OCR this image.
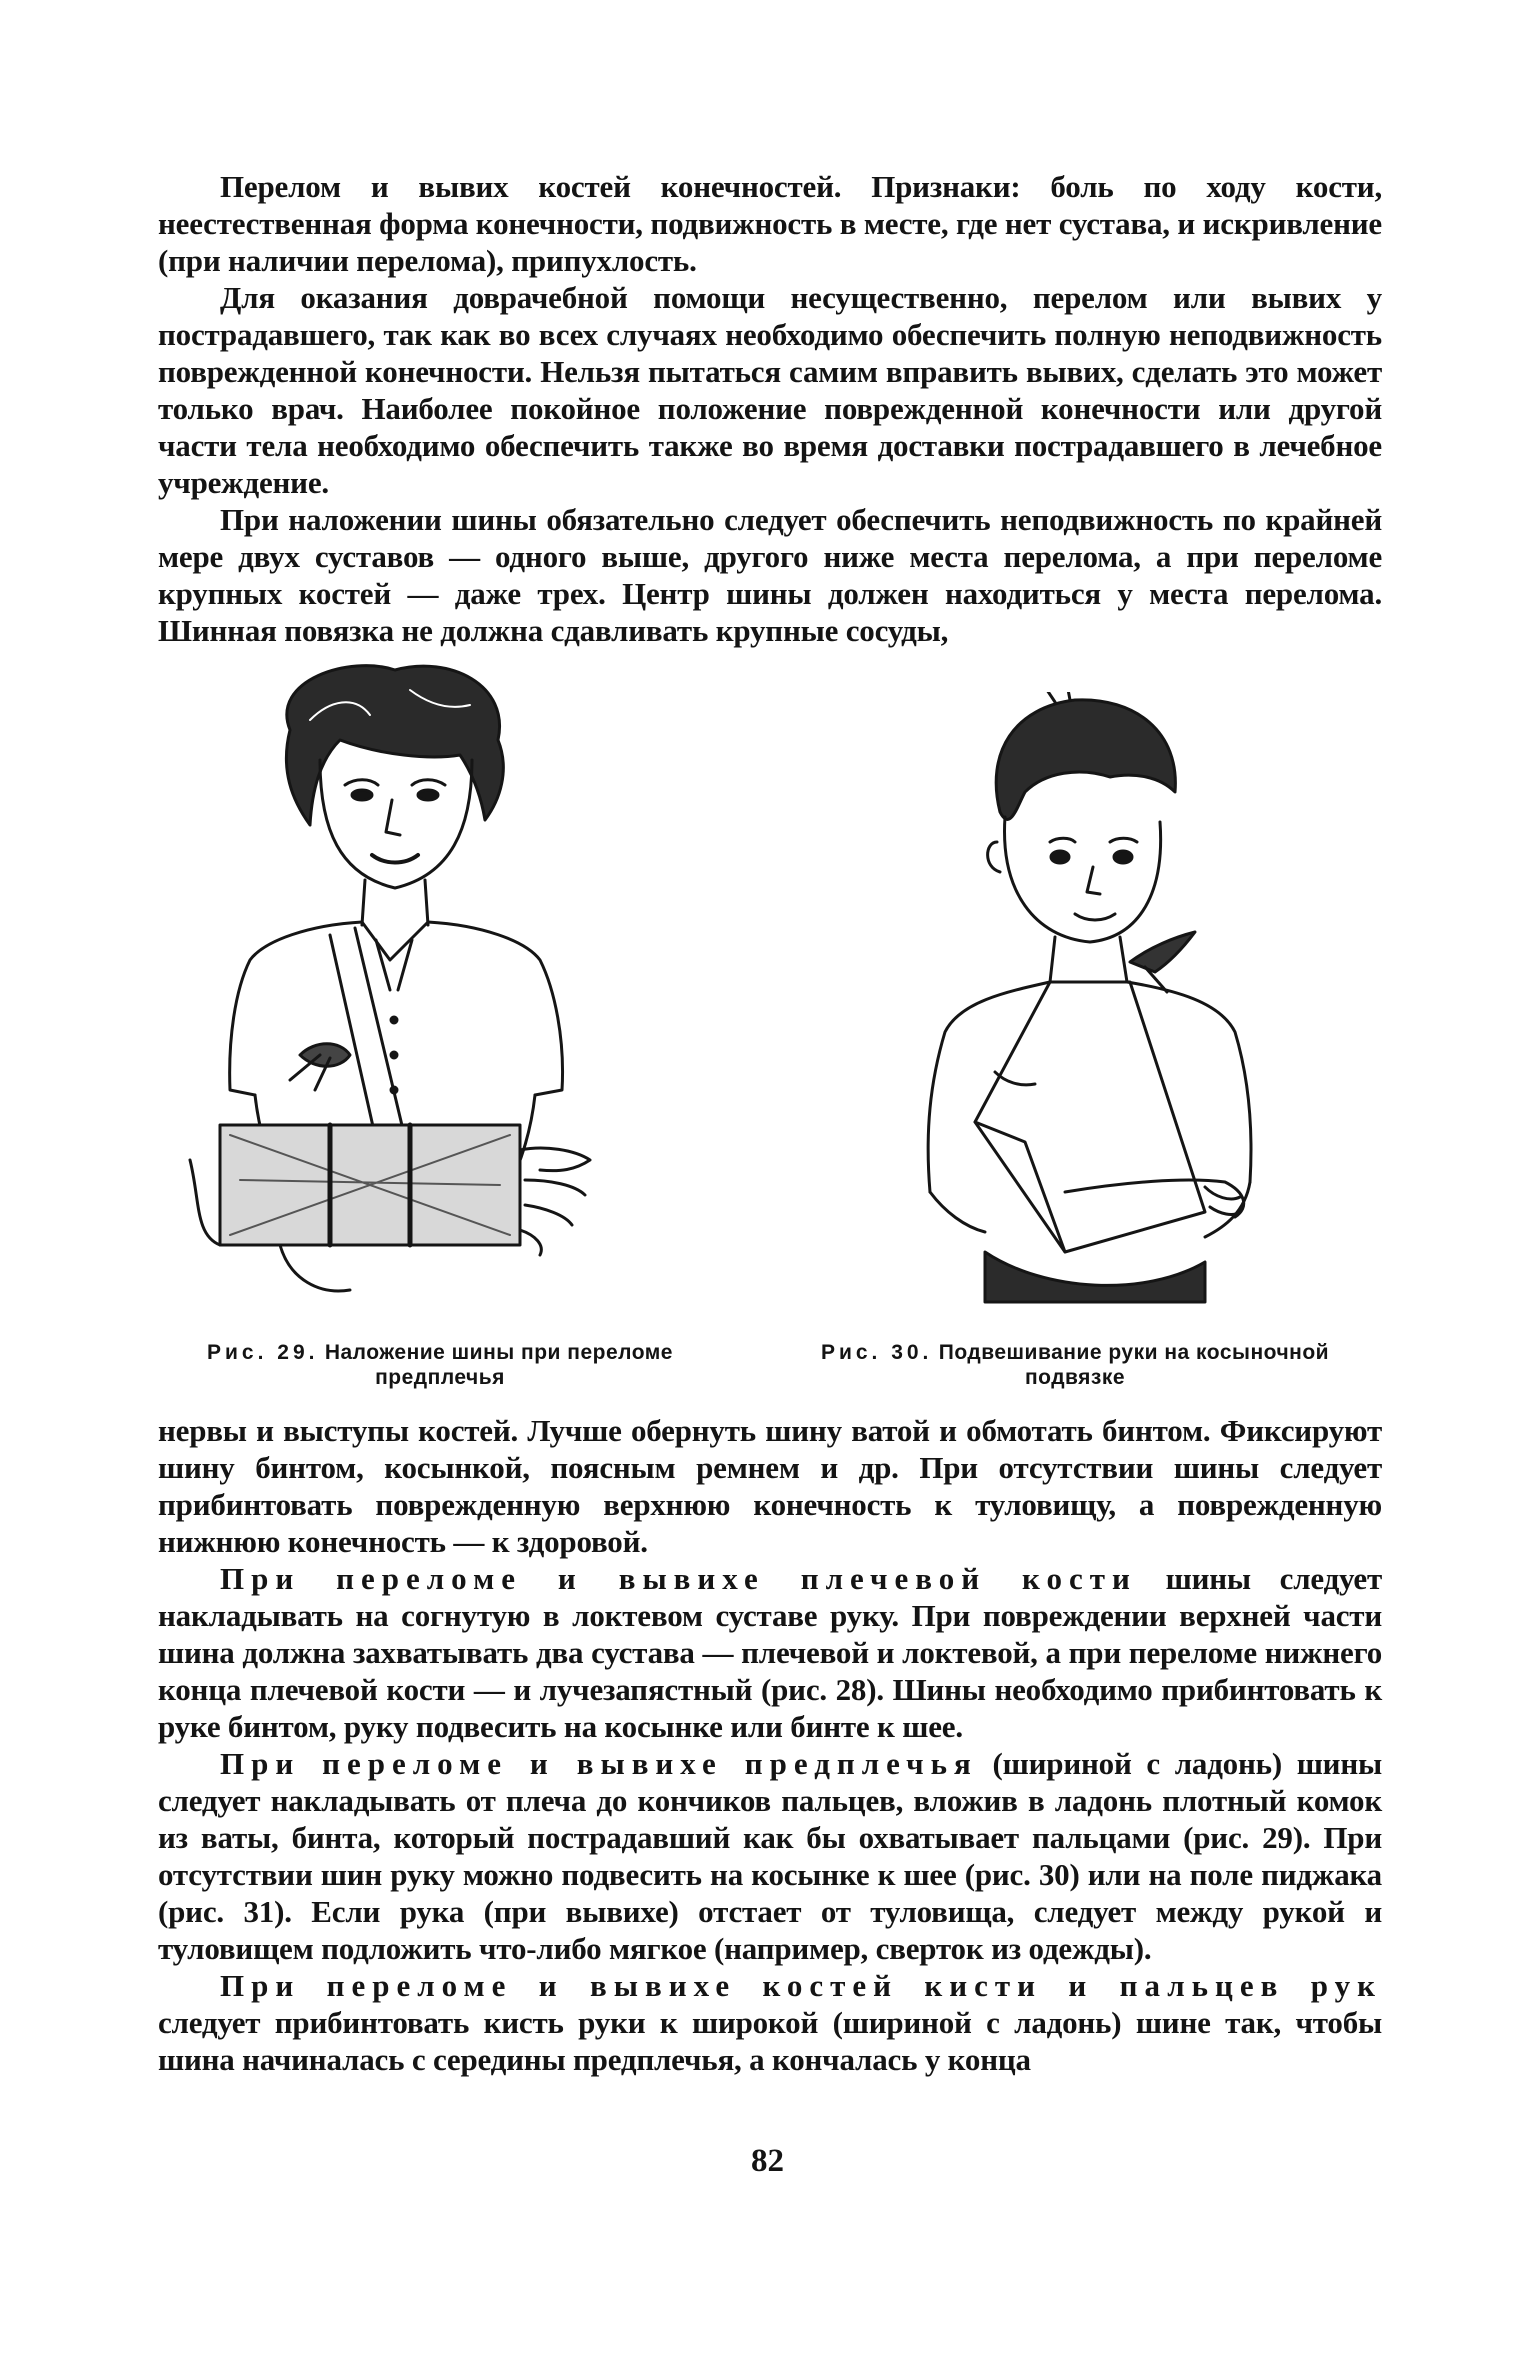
Перелом и вывих костей конечностей. Признаки: боль по ходу кости, неестественная форма конечности, подвижность в месте, где нет сустава, и искривление (при наличии перелома), припухлость.

Для оказания доврачебной помощи несущественно, перелом или вывих у пострадавшего, так как во всех случаях необходимо обеспечить полную неподвижность поврежденной конечности. Нельзя пытаться самим вправить вывих, сделать это может только врач. Наиболее покойное положение поврежденной конечности или другой части тела необходимо обеспечить также во время доставки пострадавшего в лечебное учреждение.

При наложении шины обязательно следует обеспечить неподвижность по крайней мере двух суставов — одного выше, другого ниже места перелома, а при переломе крупных костей — даже трех. Центр шины должен находиться у места перелома. Шинная повязка не должна сдавливать крупные сосуды,

Рис. 29. Наложение шины при переломе предплечья
Рис. 30. Подвешивание руки на косыночной подвязке

нервы и выступы костей. Лучше обернуть шину ватой и обмотать бинтом. Фиксируют шину бинтом, косынкой, поясным ремнем и др. При отсутствии шины следует прибинтовать поврежденную верхнюю конечность к туловищу, а поврежденную нижнюю конечность — к здоровой.

При переломе и вывихе плечевой кости шины следует накладывать на согнутую в локтевом суставе руку. При повреждении верхней части шина должна захватывать два сустава — плечевой и локтевой, а при переломе нижнего конца плечевой кости — и лучезапястный (рис. 28). Шины необходимо прибинтовать к руке бинтом, руку подвесить на косынке или бинте к шее.

При переломе и вывихе предплечья (шириной с ладонь) шины следует накладывать от плеча до кончиков пальцев, вложив в ладонь плотный комок из ваты, бинта, который пострадавший как бы охватывает пальцами (рис. 29). При отсутствии шин руку можно подвесить на косынке к шее (рис. 30) или на поле пиджака (рис. 31). Если рука (при вывихе) отстает от туловища, следует между рукой и туловищем подложить что-либо мягкое (например, сверток из одежды).

При переломе и вывихе костей кисти и пальцев рук следует прибинтовать кисть руки к широкой (шириной с ладонь) шине так, чтобы шина начиналась с середины предплечья, а кончалась у конца

82
